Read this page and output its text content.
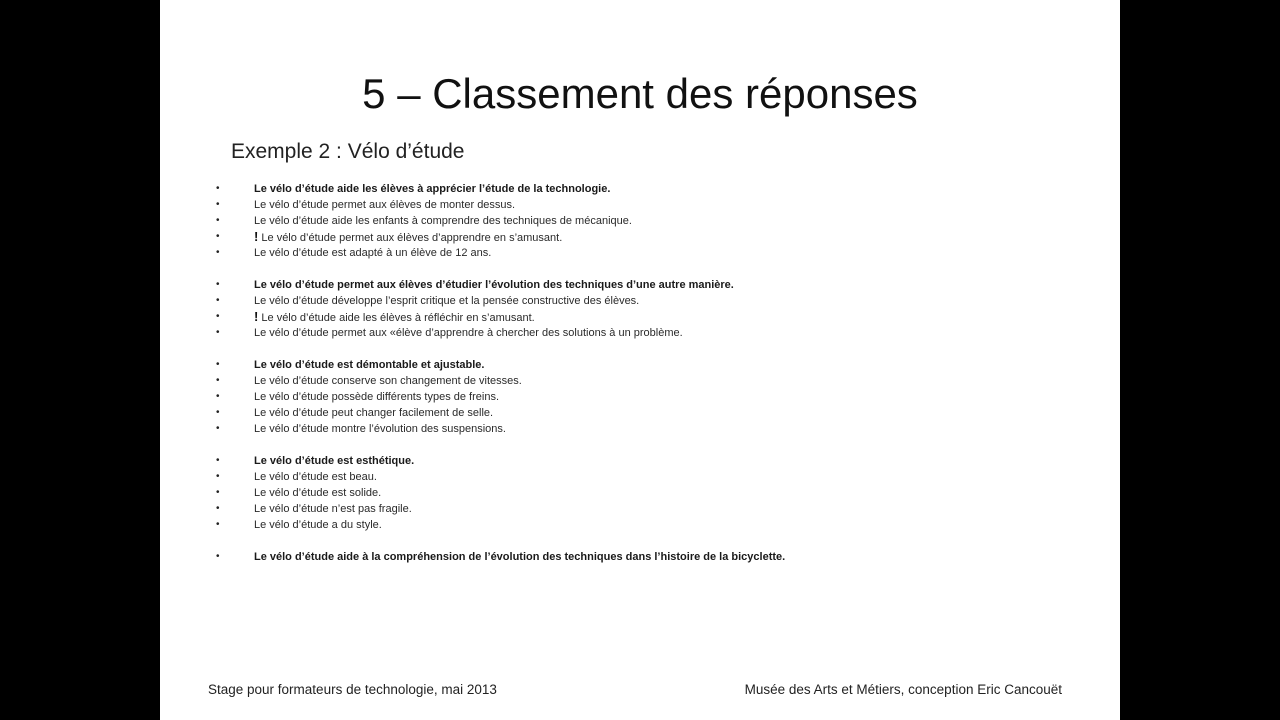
5 – Classement des réponses
Exemple 2 : Vélo d’étude
•	Le vélo d’étude aide les élèves à apprécier l’étude de la technologie.
•	Le vélo d’étude permet aux élèves de monter dessus.
•	Le vélo d’étude aide les enfants à comprendre des techniques de mécanique.
•	! Le vélo d’étude permet aux élèves d’apprendre en s’amusant.
•	Le vélo d’étude est adapté à un élève de 12 ans.
•	Le vélo d’étude permet aux élèves d’étudier l’évolution des techniques d’une autre manière.
•	Le vélo d’étude développe l’esprit critique et la pensée constructive des élèves.
•	! Le vélo d’étude aide les élèves à réfléchir en s’amusant.
•	Le vélo d’étude permet aux «élève d’apprendre à chercher des solutions à un problème.
•	Le vélo d’étude est démontable et ajustable.
•	Le vélo d’étude conserve son changement de vitesses.
•	Le vélo d’étude possède différents types de freins.
•	Le vélo d’étude peut changer facilement de selle.
•	Le vélo d’étude montre l’évolution des suspensions.
•	Le vélo d’étude est esthétique.
•	Le vélo d’étude est beau.
•	Le vélo d’étude est solide.
•	Le vélo d’étude n’est pas fragile.
•	Le vélo d’étude a du style.
•	Le vélo d’étude aide à la compréhension de l’évolution des techniques dans l’histoire de la bicyclette.
Stage pour formateurs de technologie, mai 2013	Musée des Arts et Métiers, conception Eric Cancouët
